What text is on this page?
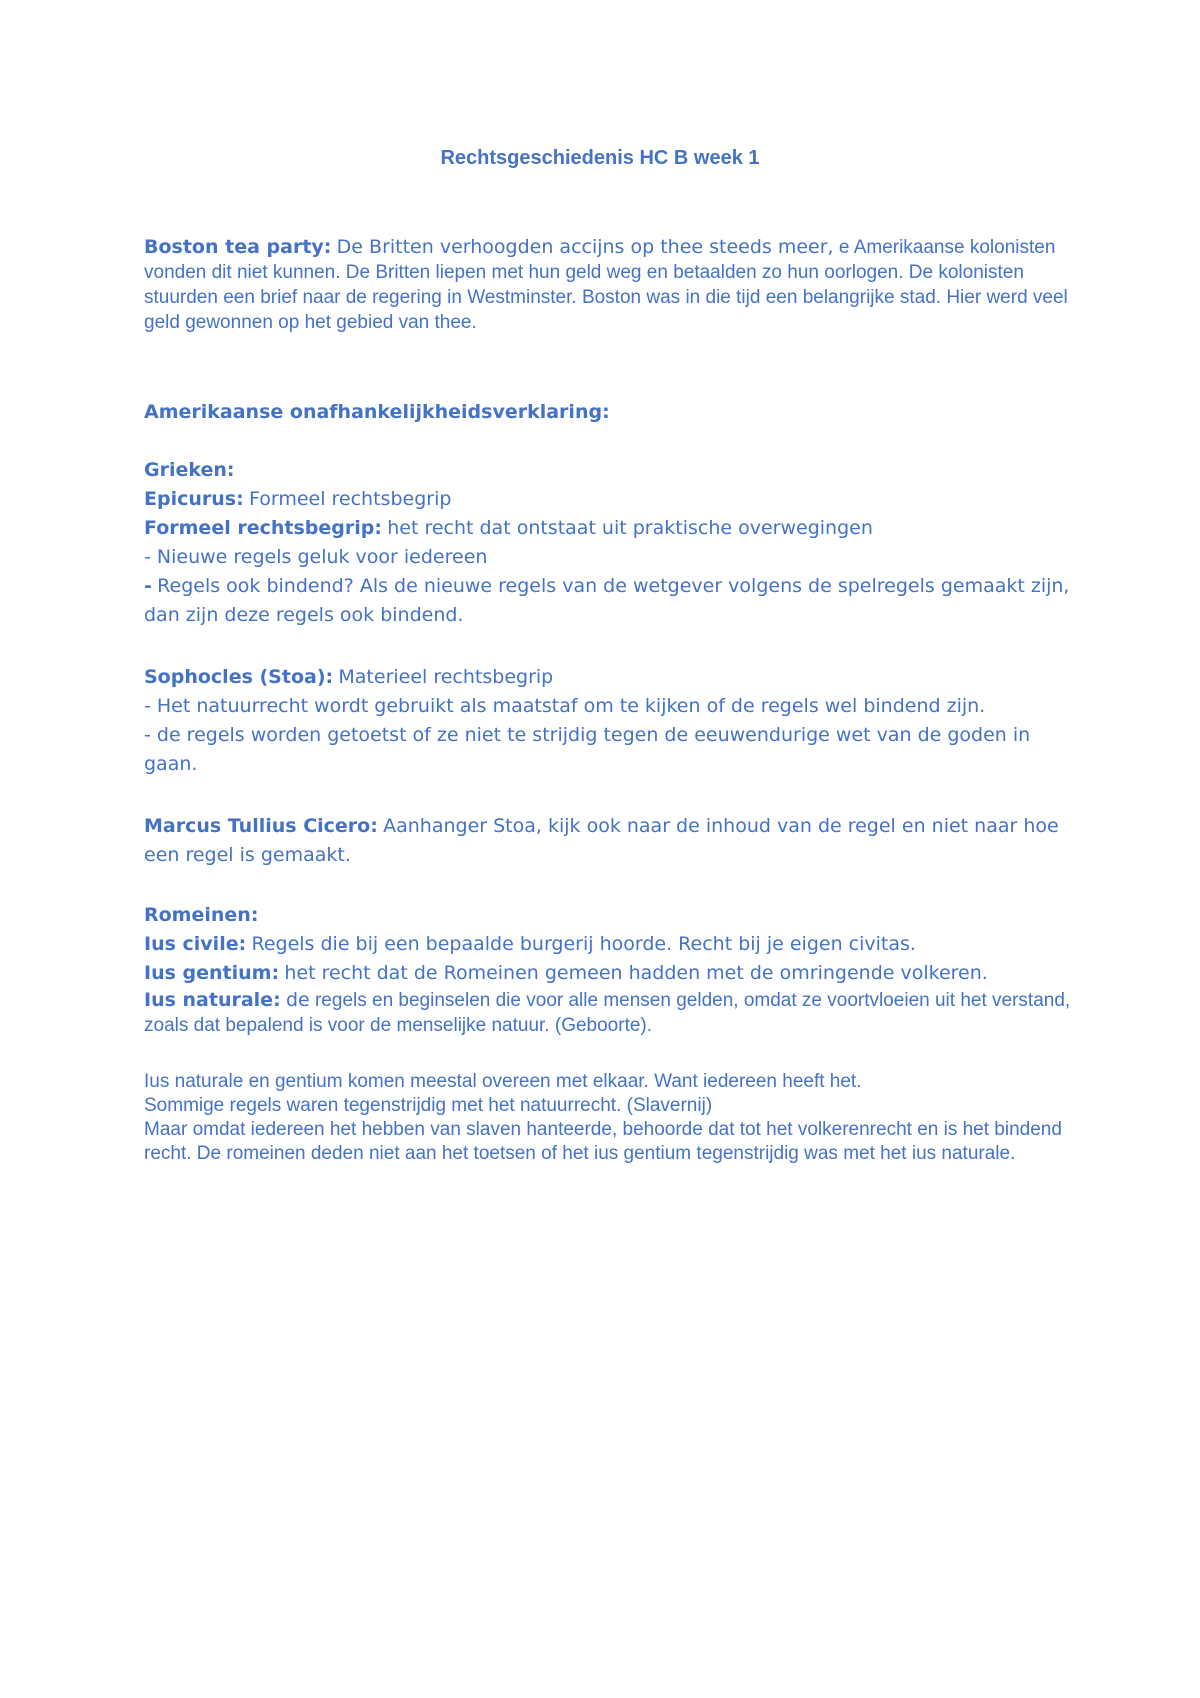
Rechtsgeschiedenis HC B week 1
Boston tea party: De Britten verhoogden accijns op thee steeds meer, e Amerikaanse kolonisten vonden dit niet kunnen. De Britten liepen met hun geld weg en betaalden zo hun oorlogen. De kolonisten stuurden een brief naar de regering in Westminster. Boston was in die tijd een belangrijke stad. Hier werd veel geld gewonnen op het gebied van thee.
Amerikaanse onafhankelijkheidsverklaring:
Grieken:
Epicurus: Formeel rechtsbegrip
Formeel rechtsbegrip: het recht dat ontstaat uit praktische overwegingen
- Nieuwe regels geluk voor iedereen
- Regels ook bindend? Als de nieuwe regels van de wetgever volgens de spelregels gemaakt zijn, dan zijn deze regels ook bindend.
Sophocles (Stoa): Materieel rechtsbegrip
- Het natuurrecht wordt gebruikt als maatstaf om te kijken of de regels wel bindend zijn.
- de regels worden getoetst of ze niet te strijdig tegen de eeuwendurige wet van de goden in gaan.
Marcus Tullius Cicero: Aanhanger Stoa, kijk ook naar de inhoud van de regel en niet naar hoe een regel is gemaakt.
Romeinen:
Ius civile: Regels die bij een bepaalde burgerij hoorde. Recht bij je eigen civitas.
Ius gentium: het recht dat de Romeinen gemeen hadden met de omringende volkeren.
Ius naturale: de regels en beginselen die voor alle mensen gelden, omdat ze voortvloeien uit het verstand, zoals dat bepalend is voor de menselijke natuur. (Geboorte).
Ius naturale en gentium komen meestal overeen met elkaar. Want iedereen heeft het.
Sommige regels waren tegenstrijdig met het natuurrecht. (Slavernij)
Maar omdat iedereen het hebben van slaven hanteerde, behoorde dat tot het volkerenrecht en is het bindend recht. De romeinen deden niet aan het toetsen of het ius gentium tegenstrijdig was met het ius naturale.
